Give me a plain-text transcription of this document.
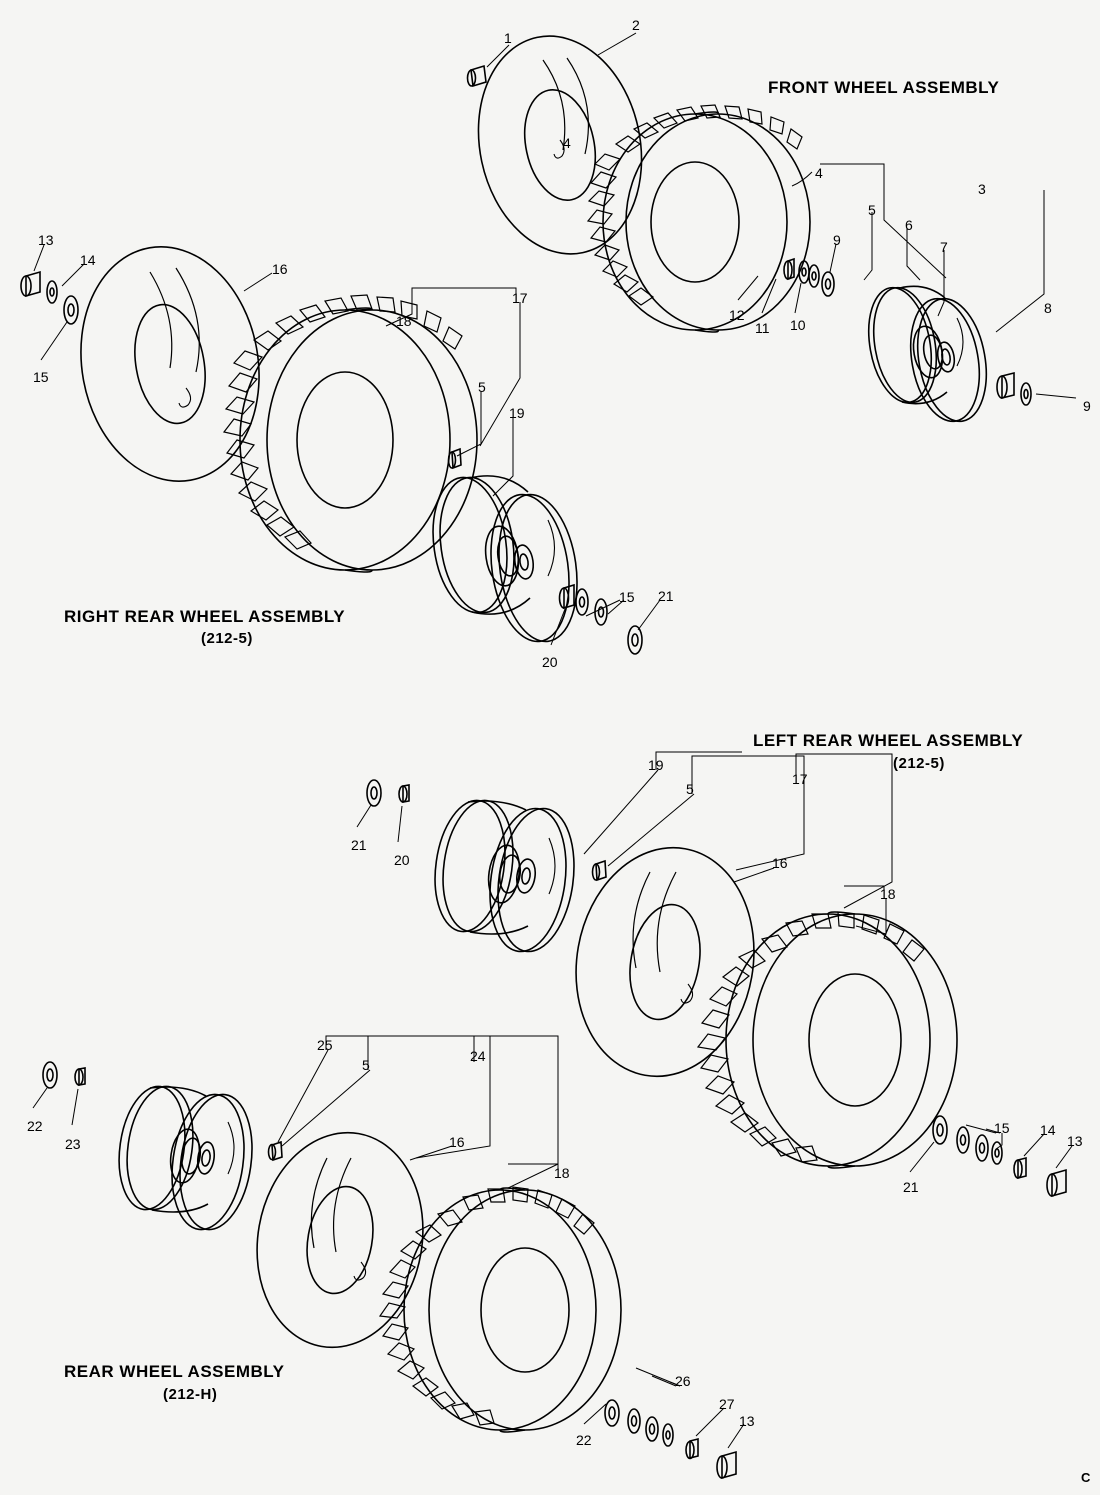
FRONT WHEEL ASSEMBLY
RIGHT REAR WHEEL ASSEMBLY
(212-5)
LEFT REAR WHEEL ASSEMBLY
(212-5)
REAR WHEEL ASSEMBLY
(212-H)
1
2
4
4
3
5
6
7
8
9
9
10
11
12
13
14
15
16
17
18
5
19
15 21
20
19
5
17
16
18
21
20
25
5
24
16
18
22
23
15 14
13
21
26
27
13
22
C
